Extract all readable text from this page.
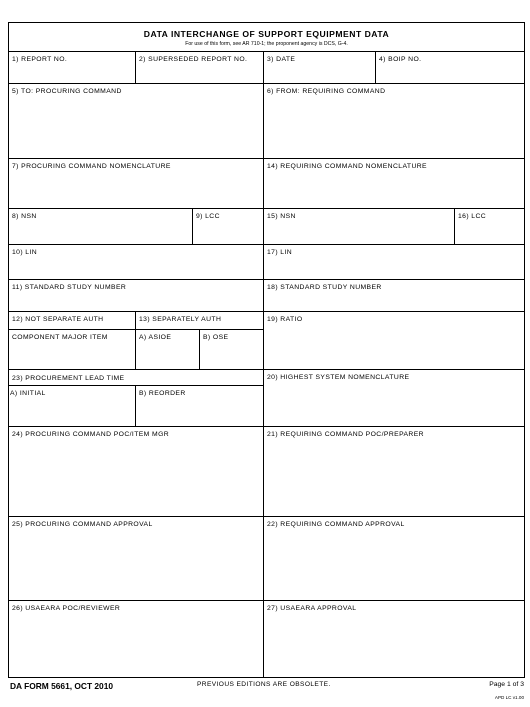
DATA INTERCHANGE OF SUPPORT EQUIPMENT DATA
For use of this form, see AR 710-1; the proponent agency is DCS, G-4.
1) REPORT NO.	2) SUPERSEDED REPORT NO.	3) DATE	4) BOIP NO.
5) TO: PROCURING COMMAND	6) FROM: REQUIRING COMMAND
7) PROCURING COMMAND NOMENCLATURE	14) REQUIRING COMMAND NOMENCLATURE
8) NSN	9) LCC	15) NSN	16) LCC
10) LIN	17) LIN
11) STANDARD STUDY NUMBER	18) STANDARD STUDY NUMBER
12) NOT SEPARATE AUTH	13) SEPARATELY AUTH	19) RATIO
COMPONENT MAJOR ITEM	A) ASIOE	B) OSE
23) PROCUREMENT LEAD TIME	20) HIGHEST SYSTEM NOMENCLATURE
A) INITIAL	B) REORDER
24) PROCURING COMMAND POC/ITEM MGR	21) REQUIRING COMMAND POC/PREPARER
25) PROCURING COMMAND APPROVAL	22) REQUIRING COMMAND APPROVAL
26) USAEARA POC/REVIEWER	27) USAEARA APPROVAL
DA FORM 5661, OCT 2010	PREVIOUS EDITIONS ARE OBSOLETE.	Page 1 of 3
APD LC v1.00
